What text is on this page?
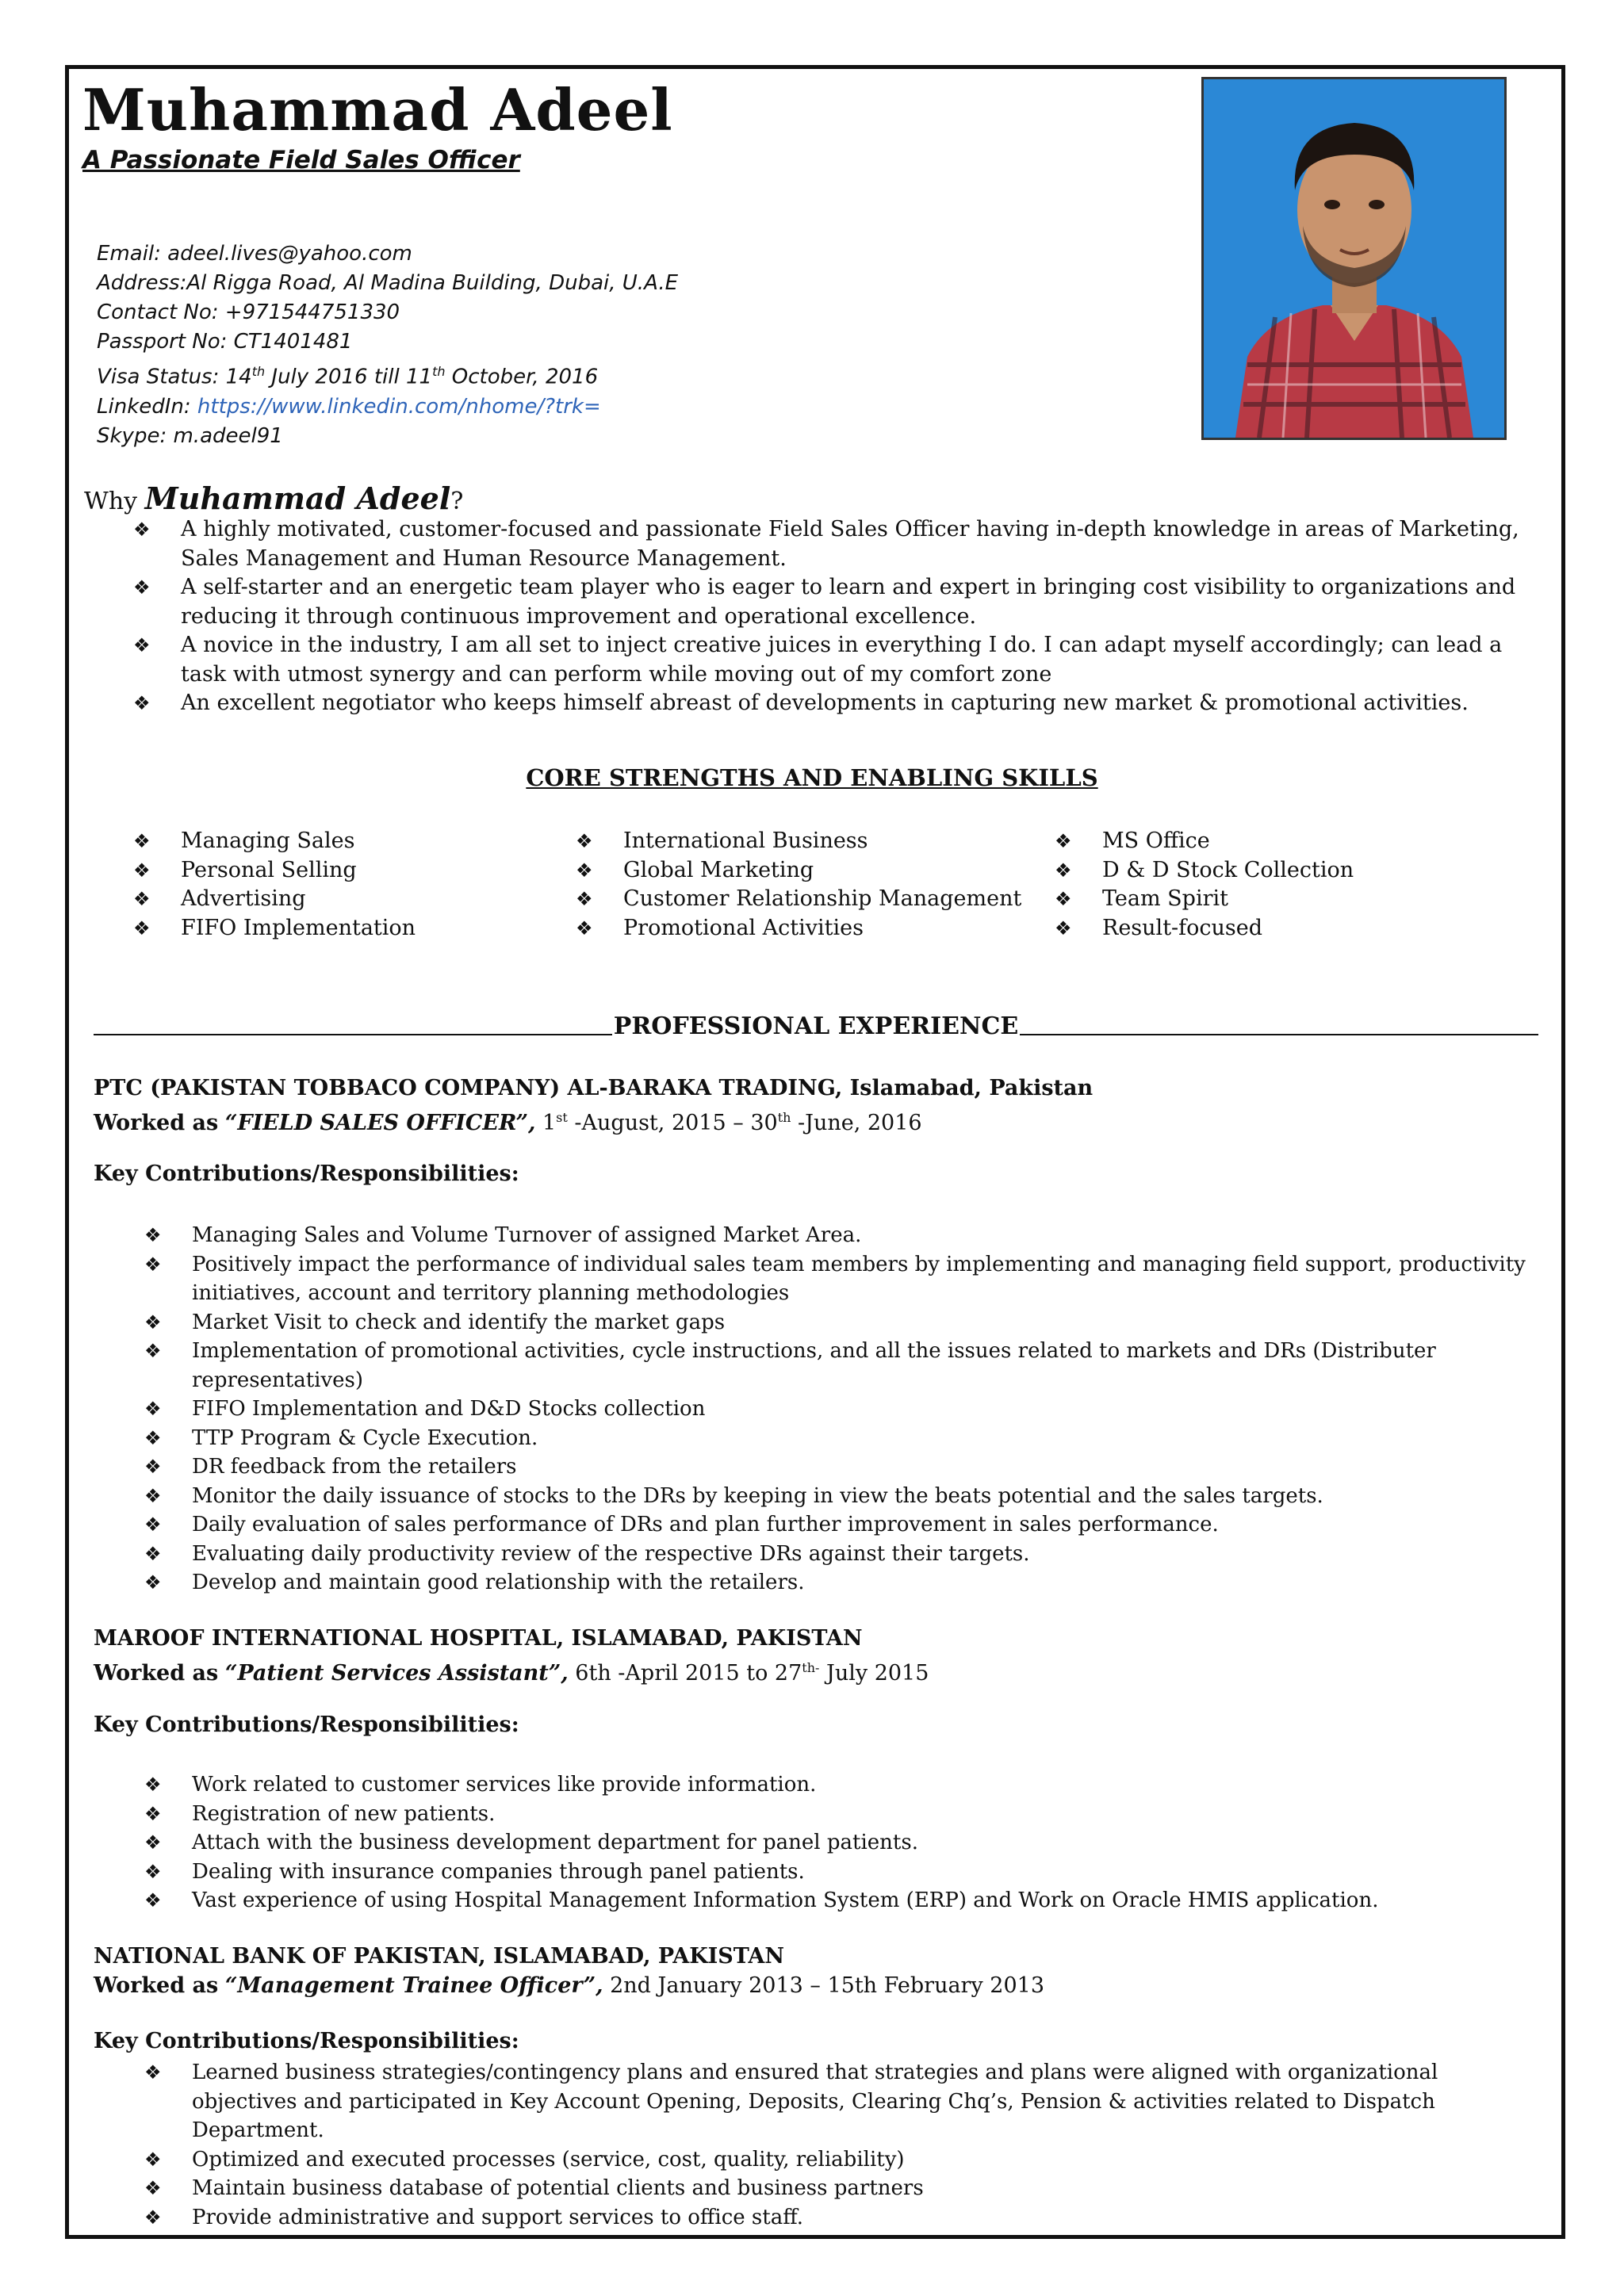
Muhammad Adeel
A Passionate Field Sales Officer
Email: adeel.lives@yahoo.com
Address:Al Rigga Road, Al Madina Building, Dubai, U.A.E
Contact No: +971544751330
Passport No: CT1401481
Visa Status: 14th July 2016 till 11th October, 2016
LinkedIn: https://www.linkedin.com/nhome/?trk=
Skype: m.adeel91
Why Muhammad Adeel?
❖ A highly motivated, customer-focused and passionate Field Sales Officer having in-depth knowledge in areas of Marketing, Sales Management and Human Resource Management.
❖ A self-starter and an energetic team player who is eager to learn and expert in bringing cost visibility to organizations and reducing it through continuous improvement and operational excellence.
❖ A novice in the industry, I am all set to inject creative juices in everything I do. I can adapt myself accordingly; can lead a task with utmost synergy and can perform while moving out of my comfort zone
❖ An excellent negotiator who keeps himself abreast of developments in capturing new market & promotional activities.
CORE STRENGTHS AND ENABLING SKILLS
❖ Managing Sales
❖ Personal Selling
❖ Advertising
❖ FIFO Implementation
❖ International Business
❖ Global Marketing
❖ Customer Relationship Management
❖ Promotional Activities
❖ MS Office
❖ D & D Stock Collection
❖ Team Spirit
❖ Result-focused
PROFESSIONAL EXPERIENCE
PTC (PAKISTAN TOBBACO COMPANY) AL-BARAKA TRADING, Islamabad, Pakistan
Worked as “FIELD SALES OFFICER”, 1st -August, 2015 – 30th -June, 2016
Key Contributions/Responsibilities:
❖ Managing Sales and Volume Turnover of assigned Market Area.
❖ Positively impact the performance of individual sales team members by implementing and managing field support, productivity initiatives, account and territory planning methodologies
❖ Market Visit to check and identify the market gaps
❖ Implementation of promotional activities, cycle instructions, and all the issues related to markets and DRs (Distributer representatives)
❖ FIFO Implementation and D&D Stocks collection
❖ TTP Program & Cycle Execution.
❖ DR feedback from the retailers
❖ Monitor the daily issuance of stocks to the DRs by keeping in view the beats potential and the sales targets.
❖ Daily evaluation of sales performance of DRs and plan further improvement in sales performance.
❖ Evaluating daily productivity review of the respective DRs against their targets.
❖ Develop and maintain good relationship with the retailers.
MAROOF INTERNATIONAL HOSPITAL, ISLAMABAD, PAKISTAN
Worked as “Patient Services Assistant”, 6th -April 2015 to $27^{th-}$ July 2015
Key Contributions/Responsibilities:
❖ Work related to customer services like provide information.
❖ Registration of new patients.
❖ Attach with the business development department for panel patients.
❖ Dealing with insurance companies through panel patients.
❖ Vast experience of using Hospital Management Information System (ERP) and Work on Oracle HMIS application.
NATIONAL BANK OF PAKISTAN, ISLAMABAD, PAKISTAN
Worked as “Management Trainee Officer”, 2nd January 2013 – 15th February 2013
Key Contributions/Responsibilities:
❖ Learned business strategies/contingency plans and ensured that strategies and plans were aligned with organizational objectives and participated in Key Account Opening, Deposits, Clearing Chq’s, Pension & activities related to Dispatch Department.
❖ Optimized and executed processes (service, cost, quality, reliability)
❖ Maintain business database of potential clients and business partners
❖ Provide administrative and support services to office staff.
